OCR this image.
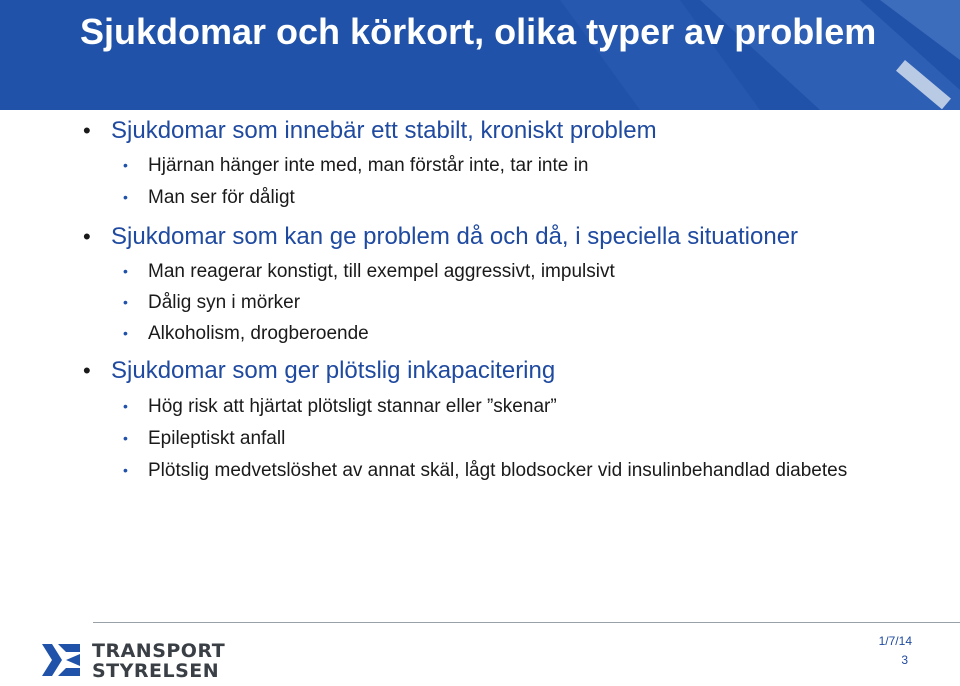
Sjukdomar och körkort, olika typer av problem

• Sjukdomar som innebär ett stabilt, kroniskt problem

• Hjärnan hänger inte med, man förstår inte, tar inte in

• Man ser för dåligt

• Sjukdomar som kan ge problem då och då, i speciella situationer

• Man reagerar konstigt, till exempel aggressivt, impulsivt

• Dålig syn i mörker

• Alkoholism, drogberoende

• Sjukdomar som ger plötslig inkapacitering

• Hög risk att hjärtat plötsligt stannar eller ”skenar”

• Epileptiskt anfall

• Plötslig medvetslöshet av annat skäl, lågt blodsocker vid insulinbehandlad diabetes

TRANSPORT
STYRELSEN
1/7/14
3
